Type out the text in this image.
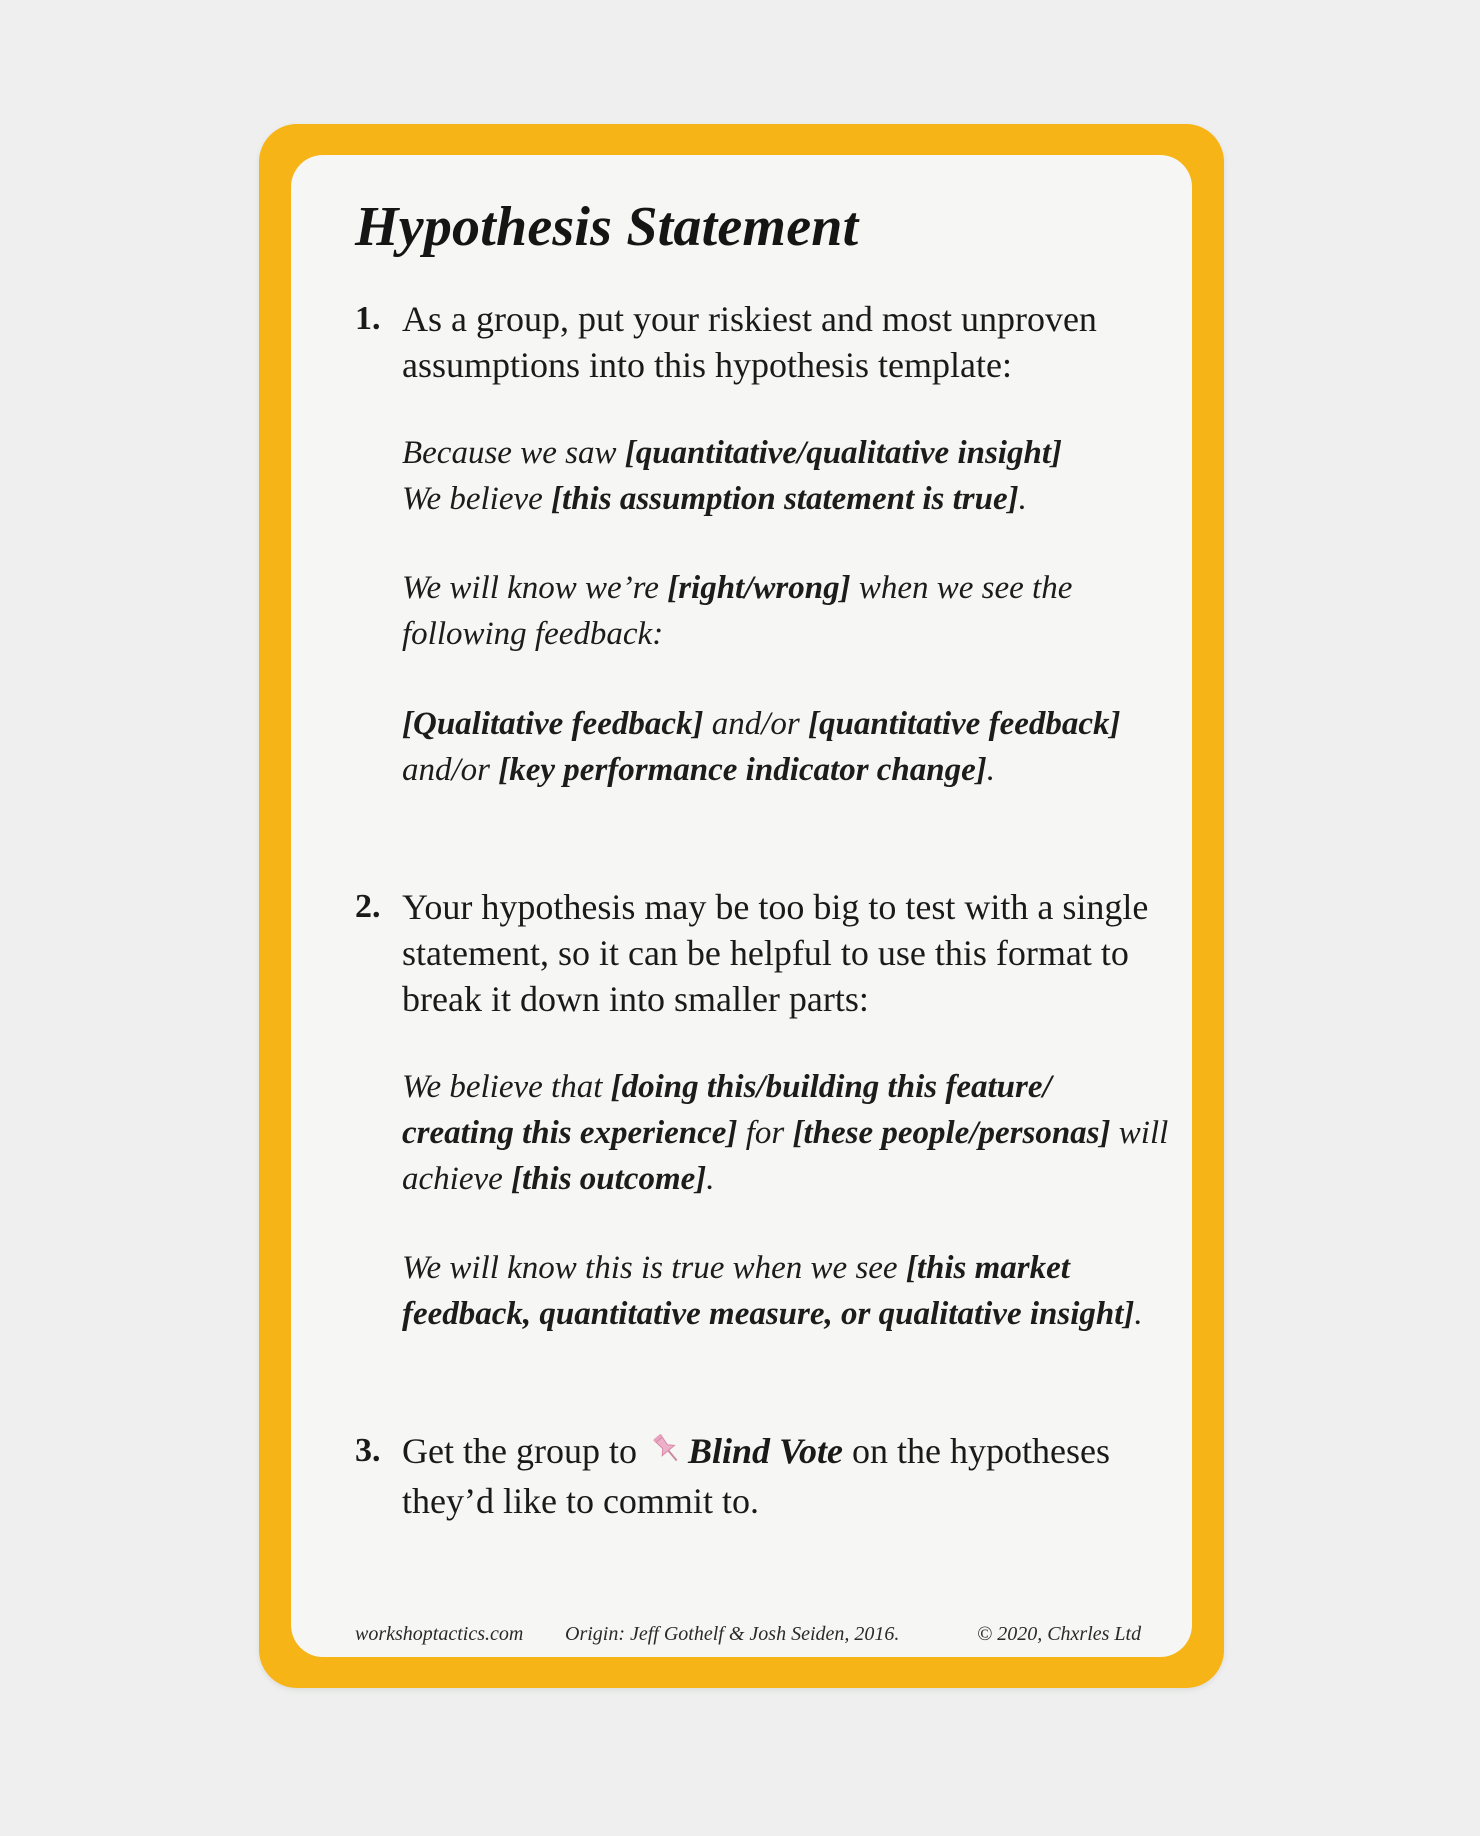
Hypothesis Statement
1. As a group, put your riskiest and most unproven
assumptions into this hypothesis template:
Because we saw [quantitative/qualitative insight]
We believe [this assumption statement is true].
We will know we’re [right/wrong] when we see the
following feedback:
[Qualitative feedback] and/or [quantitative feedback]
and/or [key performance indicator change].
2. Your hypothesis may be too big to test with a single
statement, so it can be helpful to use this format to
break it down into smaller parts:
We believe that [doing this/building this feature/
creating this experience] for [these people/personas] will
achieve [this outcome].
We will know this is true when we see [this market
feedback, quantitative measure, or qualitative insight].
3. Get the group to Blind Vote on the hypotheses
they’d like to commit to.
workshoptactics.com Origin: Jeff Gothelf & Josh Seiden, 2016.	© 2020, Chxrles Ltd
